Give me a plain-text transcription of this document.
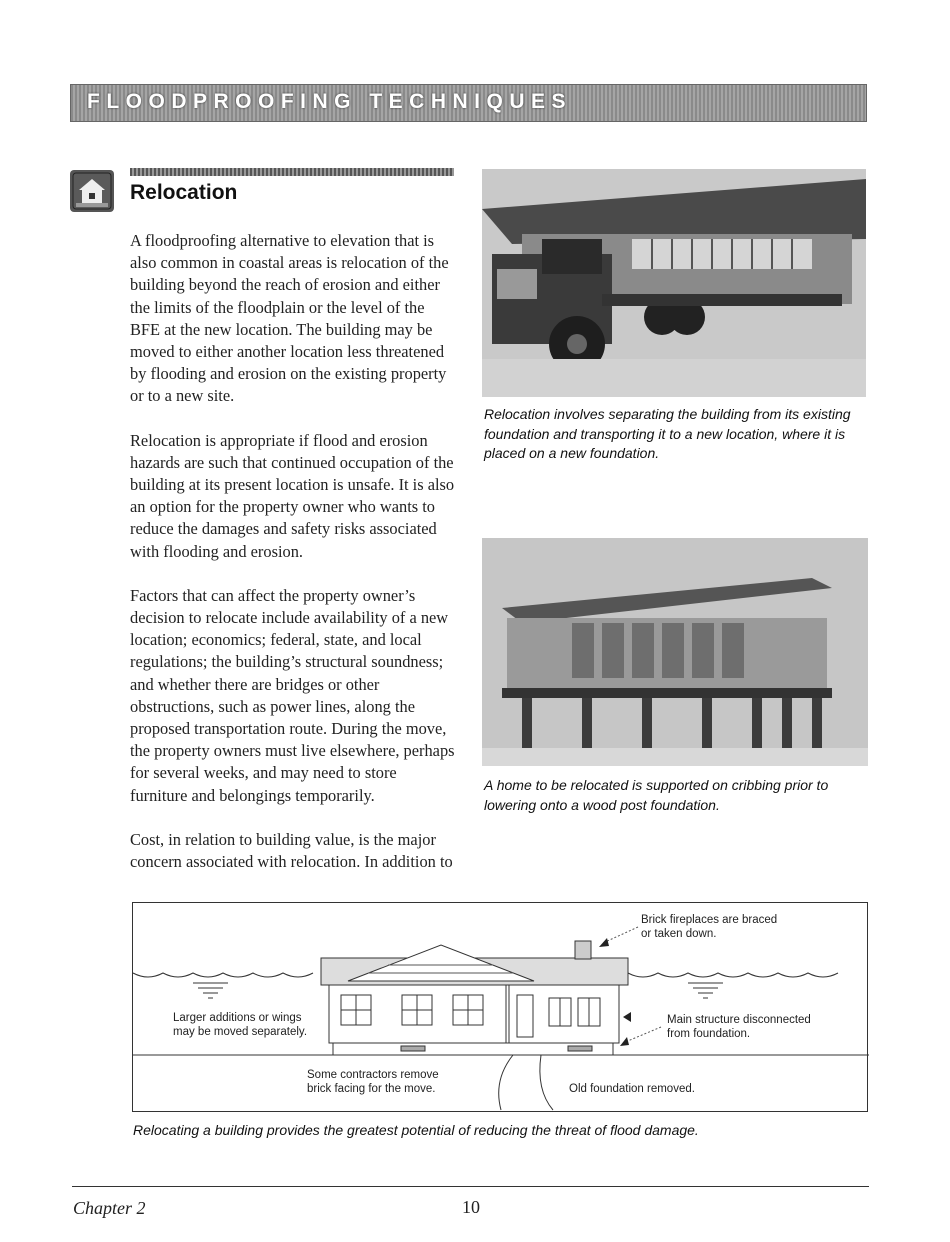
FLOODPROOFING TECHNIQUES
Relocation

A floodproofing alternative to elevation that is also common in coastal areas is relocation of the building beyond the reach of erosion and either the limits of the floodplain or the level of the BFE at the new location. The building may be moved to either another location less threatened by flooding and erosion on the existing property or to a new site.

Relocation is appropriate if flood and erosion hazards are such that continued occupation of the building at its present location is unsafe. It is also an option for the property owner who wants to reduce the damages and safety risks associated with flooding and erosion.

Factors that can affect the property owner’s decision to relocate include availability of a new location; economics; federal, state, and local regulations; the building’s structural soundness; and whether there are bridges or other obstructions, such as power lines, along the proposed transportation route. During the move, the property owners must live elsewhere, perhaps for several weeks, and may need to store furniture and belongings temporarily.

Cost, in relation to building value, is the major concern associated with relocation. In addition to

Relocation involves separating the building from its existing foundation and transporting it to a new location, where it is placed on a new foundation.
A home to be relocated is supported on cribbing prior to lowering onto a wood post foundation.
Brick fireplaces are braced or taken down.
Larger additions or wings may be moved separately.
Main structure disconnected from foundation.
Some contractors remove brick facing for the move.	Old foundation removed.
Relocating a building provides the greatest potential of reducing the threat of flood damage.
Chapter 2	10
